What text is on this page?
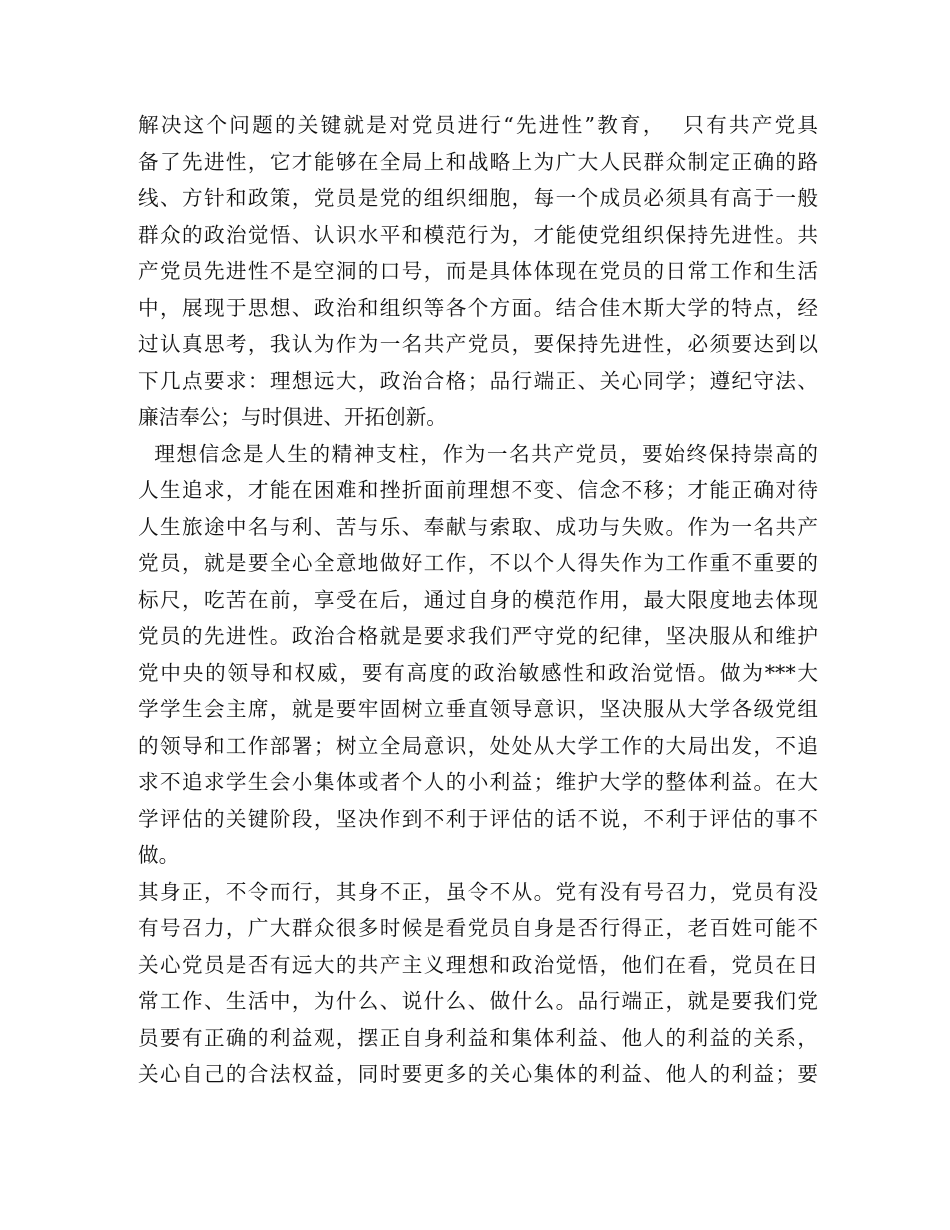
解决这个问题的关键就是对党员进行“先进性”教育，  只有共产党具
备了先进性，它才能够在全局上和战略上为广大人民群众制定正确的路
线、方针和政策，党员是党的组织细胞，每一个成员必须具有高于一般
群众的政治觉悟、认识水平和模范行为，才能使党组织保持先进性。共
产党员先进性不是空洞的口号，而是具体体现在党员的日常工作和生活
中，展现于思想、政治和组织等各个方面。结合佳木斯大学的特点，经
过认真思考，我认为作为一名共产党员，要保持先进性，必须要达到以
下几点要求：理想远大，政治合格；品行端正、关心同学；遵纪守法、
廉洁奉公；与时俱进、开拓创新。
理想信念是人生的精神支柱，作为一名共产党员，要始终保持崇高的
人生追求，才能在困难和挫折面前理想不变、信念不移；才能正确对待
人生旅途中名与利、苦与乐、奉献与索取、成功与失败。作为一名共产
党员，就是要全心全意地做好工作，不以个人得失作为工作重不重要的
标尺，吃苦在前，享受在后，通过自身的模范作用，最大限度地去体现
党员的先进性。政治合格就是要求我们严守党的纪律，坚决服从和维护
党中央的领导和权威，要有高度的政治敏感性和政治觉悟。做为***大
学学生会主席，就是要牢固树立垂直领导意识，坚决服从大学各级党组
的领导和工作部署；树立全局意识，处处从大学工作的大局出发，不追
求不追求学生会小集体或者个人的小利益；维护大学的整体利益。在大
学评估的关键阶段，坚决作到不利于评估的话不说，不利于评估的事不
做。
其身正，不令而行，其身不正，虽令不从。党有没有号召力，党员有没
有号召力，广大群众很多时候是看党员自身是否行得正，老百姓可能不
关心党员是否有远大的共产主义理想和政治觉悟，他们在看，党员在日
常工作、生活中，为什么、说什么、做什么。品行端正，就是要我们党
员要有正确的利益观，摆正自身利益和集体利益、他人的利益的关系，
关心自己的合法权益，同时要更多的关心集体的利益、他人的利益；要
